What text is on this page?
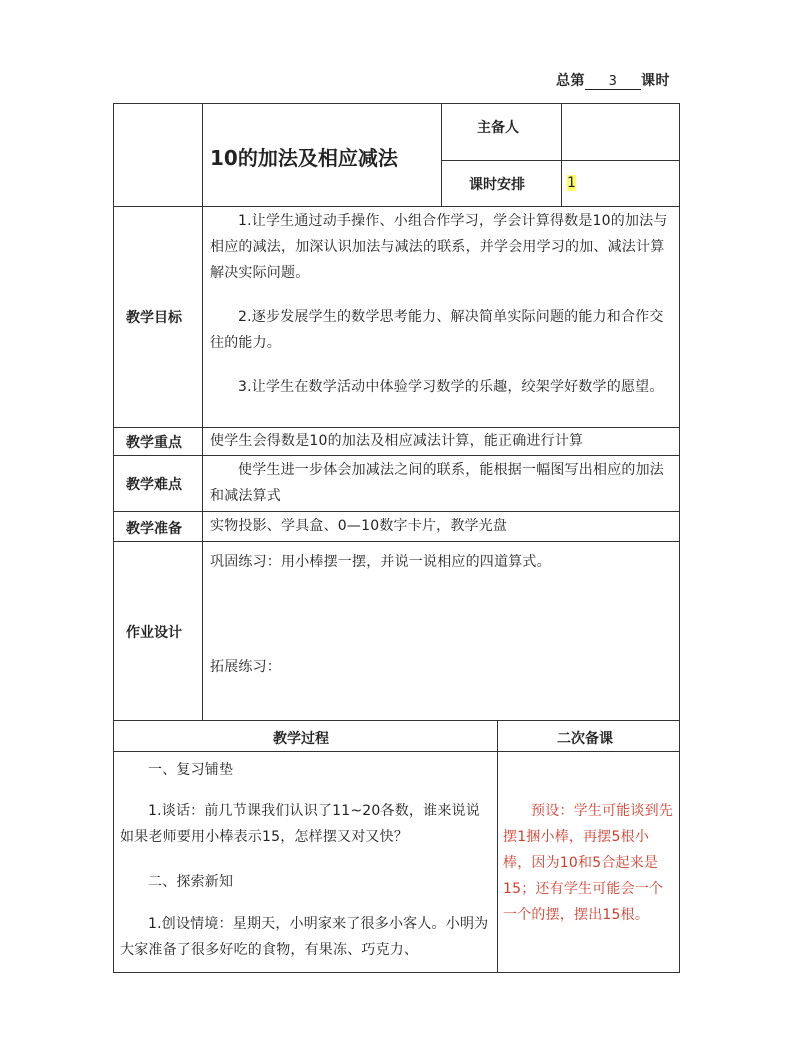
总第 3 课时
10的加法及相应减法
主备人
课时安排	1
教学目标
1.让学生通过动手操作、小组合作学习，学会计算得数是10的加法与相应的减法，加深认识加法与减法的联系，并学会用学习的加、减法计算解决实际问题。
2.逐步发展学生的数学思考能力、解决简单实际问题的能力和合作交往的能力。
3.让学生在数学活动中体验学习数学的乐趣，绞架学好数学的愿望。
教学重点 使学生会得数是10的加法及相应减法计算，能正确进行计算
教学难点
使学生进一步体会加减法之间的联系，能根据一幅图写出相应的加法和减法算式
教学准备 实物投影、学具盒、0—10数字卡片，教学光盘
作业设计
巩固练习：用小棒摆一摆，并说一说相应的四道算式。
拓展练习：
教学过程	二次备课
一、复习铺垫
1.谈话：前几节课我们认识了11~20各数，谁来说说如果老师要用小棒表示15，怎样摆又对又快？
二、探索新知
1.创设情境：星期天，小明家来了很多小客人。小明为大家准备了很多好吃的食物，有果冻、巧克力、
预设：学生可能谈到先摆1捆小棒，再摆5根小棒，因为10和5合起来是15；还有学生可能会一个一个的摆，摆出15根。
